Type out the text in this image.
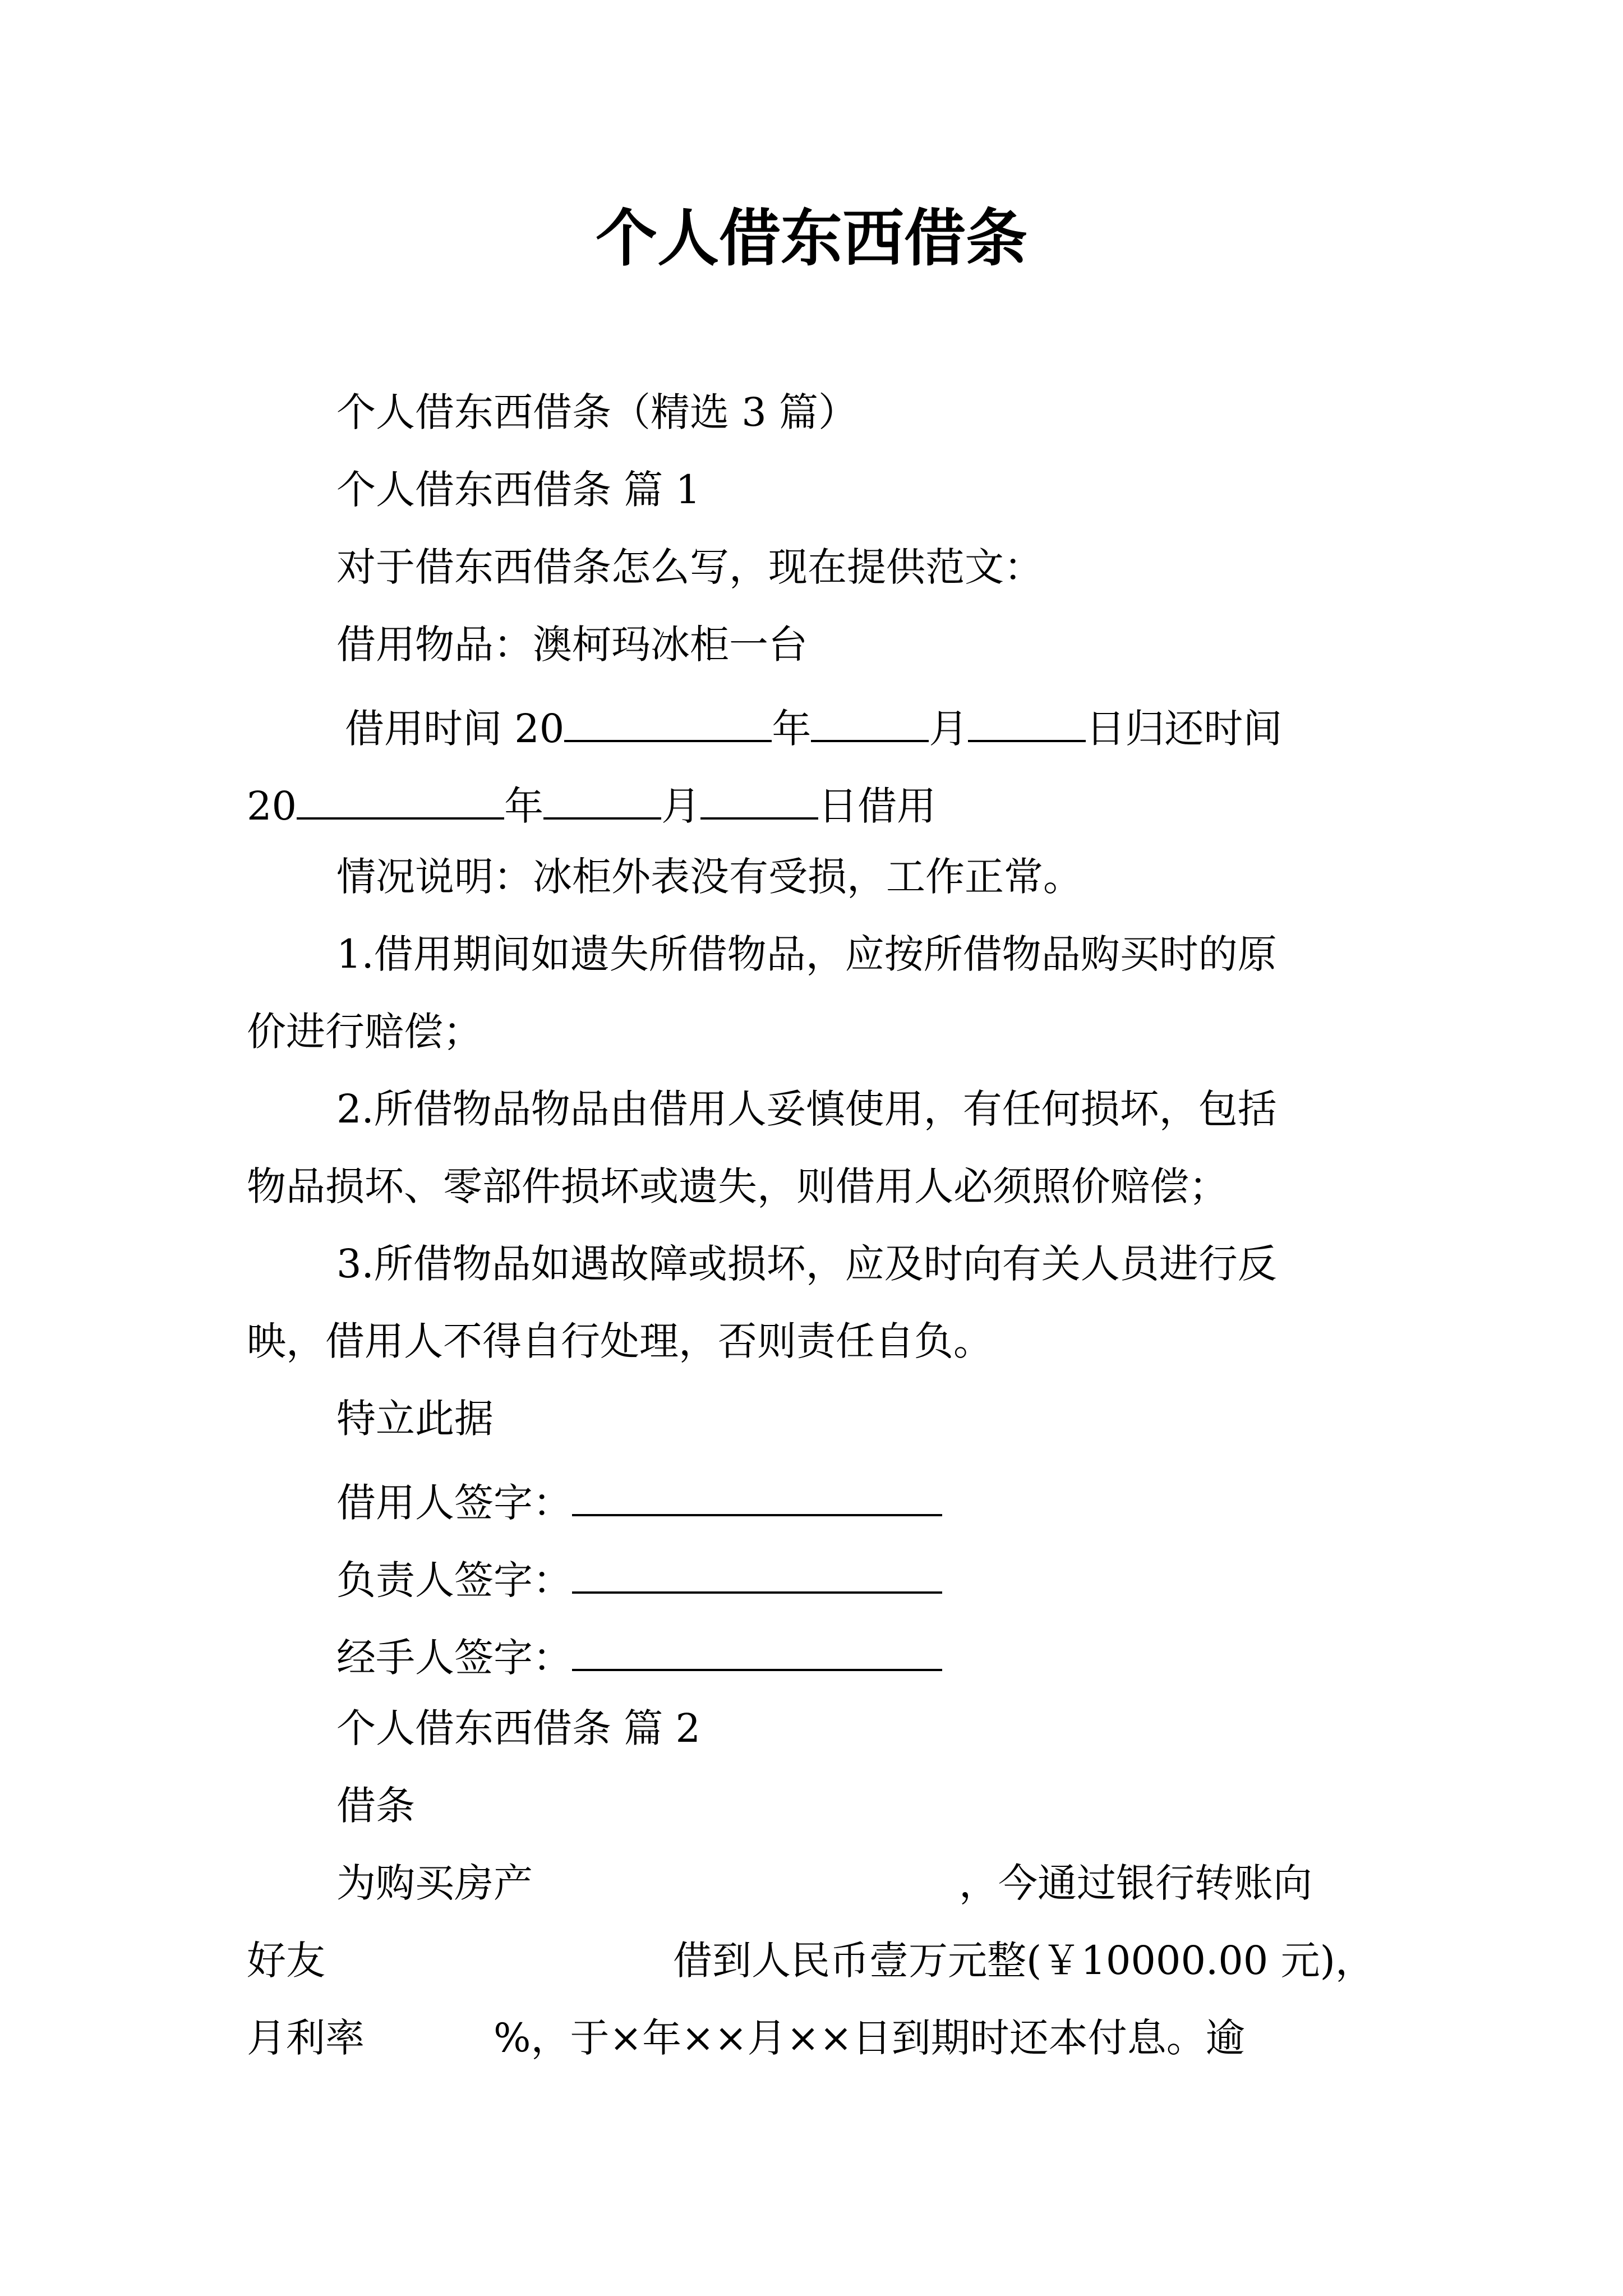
个人借东西借条
个人借东西借条（精选 3 篇）
个人借东西借条 篇 1
对于借东西借条怎么写，现在提供范文：
借用物品：澳柯玛冰柜一台
借用时间 20	年	月	日归还时间
20	年	月	日借用
情况说明：冰柜外表没有受损，工作正常。
1.借用期间如遗失所借物品，应按所借物品购买时的原
价进行赔偿；
2.所借物品物品由借用人妥慎使用，有任何损坏，包括
物品损坏、零部件损坏或遗失，则借用人必须照价赔偿；
3.所借物品如遇故障或损坏，应及时向有关人员进行反
映，借用人不得自行处理，否则责任自负。
特立此据
借用人签字：
负责人签字：
经手人签字：
个人借东西借条 篇 2
借条
为购买房产	，今通过银行转账向
好友	借到人民币壹万元整(￥10000.00 元)，
月利率	%，于×年××月××日到期时还本付息。逾
